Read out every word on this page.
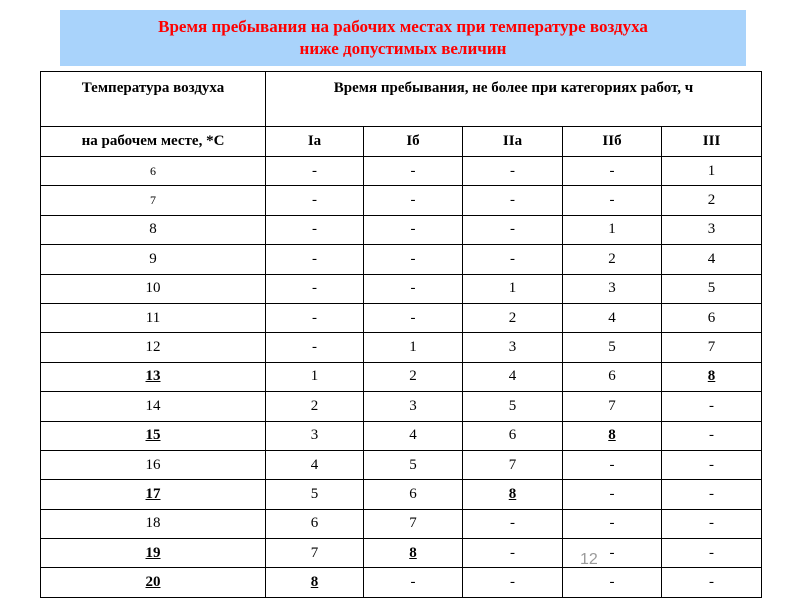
Время пребывания на рабочих местах при температуре воздуха
ниже допустимых величин
Температура воздуха	Время пребывания, не более при категориях работ, ч				
на рабочем месте, *С	Iа	Iб	IIа	IIб	III
6	-	-	-	-	1
7	-	-	-	-	2
8	-	-	-	1	3
9	-	-	-	2	4
10	-	-	1	3	5
11	-	-	2	4	6
12	-	1	3	5	7
13	1	2	4	6	8
14	2	3	5	7	-
15	3	4	6	8	-
16	4	5	7	-	-
17	5	6	8	-	-
18	6	7	-	-	-
19	7	8	-	-	-
20	8	-	-	-	-
12
